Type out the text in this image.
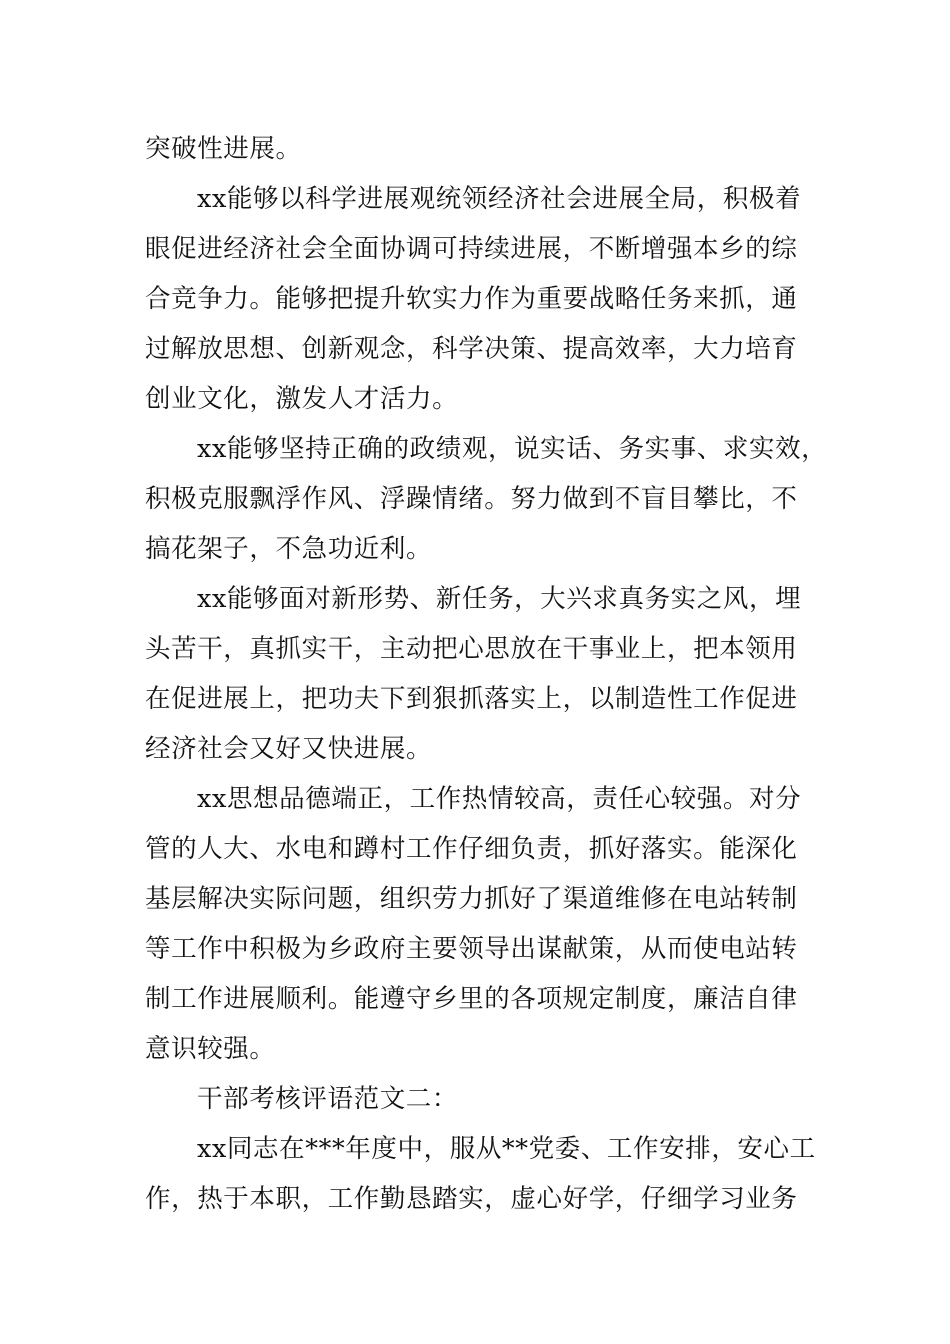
突破性进展。
xx能够以科学进展观统领经济社会进展全局，积极着
眼促进经济社会全面协调可持续进展，不断增强本乡的综
合竞争力。能够把提升软实力作为重要战略任务来抓，通
过解放思想、创新观念，科学决策、提高效率，大力培育
创业文化，激发人才活力。
xx能够坚持正确的政绩观，说实话、务实事、求实效，
积极克服飘浮作风、浮躁情绪。努力做到不盲目攀比，不
搞花架子，不急功近利。
xx能够面对新形势、新任务，大兴求真务实之风，埋
头苦干，真抓实干，主动把心思放在干事业上，把本领用
在促进展上，把功夫下到狠抓落实上，以制造性工作促进
经济社会又好又快进展。
xx思想品德端正，工作热情较高，责任心较强。对分
管的人大、水电和蹲村工作仔细负责，抓好落实。能深化
基层解决实际问题，组织劳力抓好了渠道维修在电站转制
等工作中积极为乡政府主要领导出谋献策，从而使电站转
制工作进展顺利。能遵守乡里的各项规定制度，廉洁自律
意识较强。
干部考核评语范文二：
xx同志在***年度中，服从**党委、工作安排，安心工
作，热于本职，工作勤恳踏实，虚心好学，仔细学习业务
